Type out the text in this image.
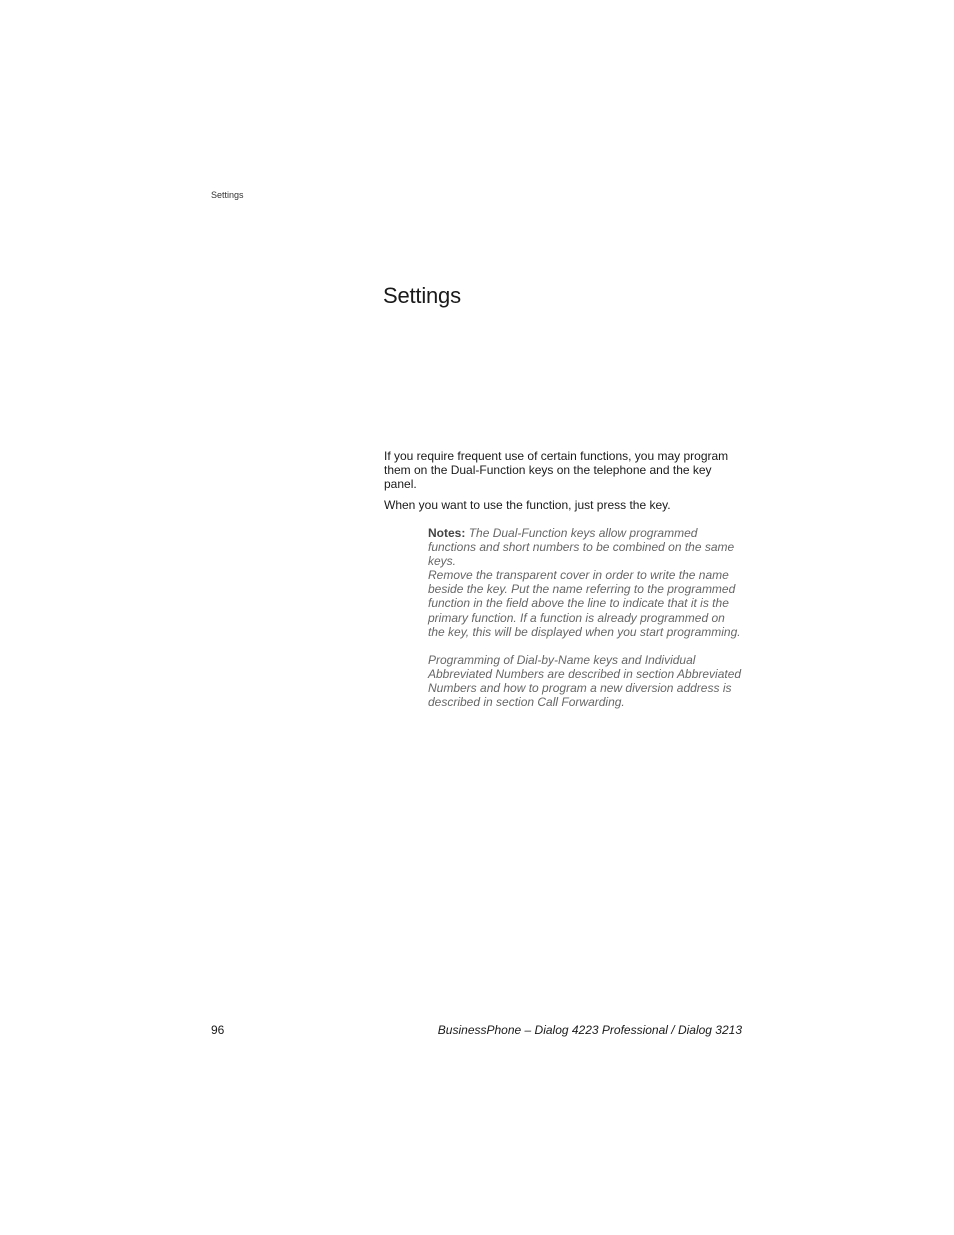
Settings
Settings

If you require frequent use of certain functions, you may program them on the Dual-Function keys on the telephone and the key panel.

When you want to use the function, just press the key.

Notes: The Dual-Function keys allow programmed functions and short numbers to be combined on the same keys.

Remove the transparent cover in order to write the name beside the key. Put the name referring to the programmed function in the field above the line to indicate that it is the primary function. If a function is already programmed on the key, this will be displayed when you start programming.

Programming of Dial-by-Name keys and Individual Abbreviated Numbers are described in section Abbreviated Numbers and how to program a new diversion address is described in section Call Forwarding.

96	BusinessPhone – Dialog 4223 Professional / Dialog 3213
